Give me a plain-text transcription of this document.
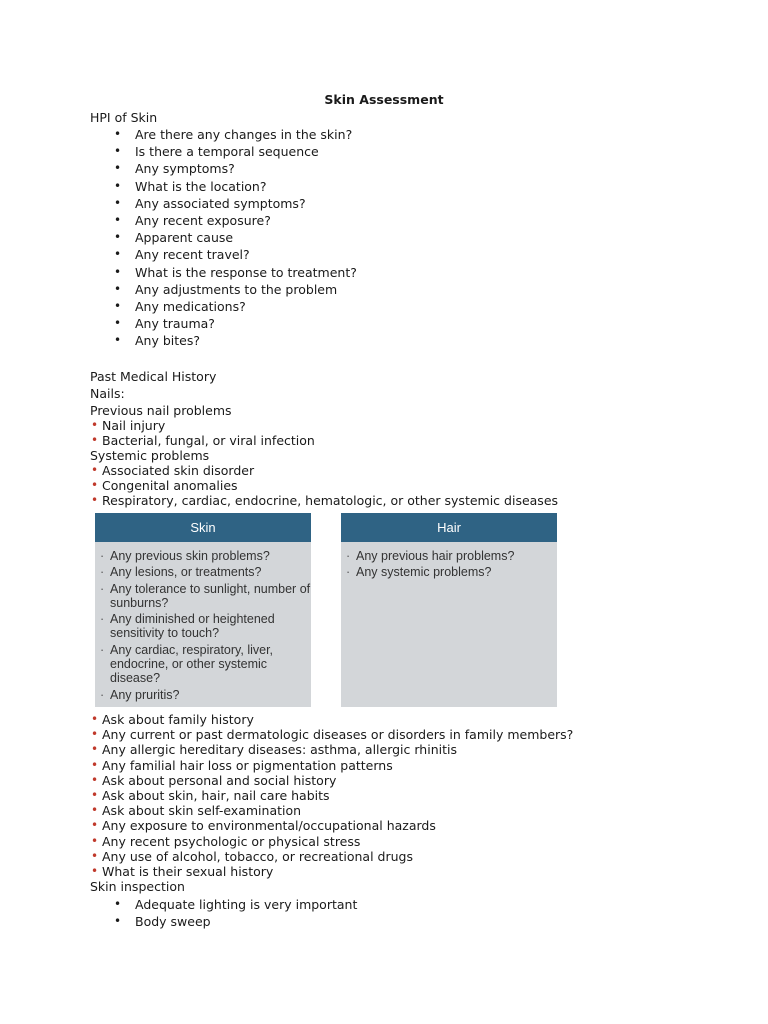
Skin Assessment
HPI of Skin
• Are there any changes in the skin?
• Is there a temporal sequence
• Any symptoms?
• What is the location?
• Any associated symptoms?
• Any recent exposure?
• Apparent cause
• Any recent travel?
• What is the response to treatment?
• Any adjustments to the problem
• Any medications?
• Any trauma?
• Any bites?
Past Medical History
Nails:
Previous nail problems
• Nail injury
• Bacterial, fungal, or viral infection
Systemic problems
• Associated skin disorder
• Congenital anomalies
• Respiratory, cardiac, endocrine, hematologic, or other systemic diseases
Skin
· Any previous skin problems?
· Any lesions, or treatments?
· Any tolerance to sunlight, number of sunburns?
· Any diminished or heightened sensitivity to touch?
· Any cardiac, respiratory, liver, endocrine, or other systemic disease?
· Any pruritis?
Hair
· Any previous hair problems?
· Any systemic problems?
• Ask about family history
• Any current or past dermatologic diseases or disorders in family members?
• Any allergic hereditary diseases: asthma, allergic rhinitis
• Any familial hair loss or pigmentation patterns
• Ask about personal and social history
• Ask about skin, hair, nail care habits
• Ask about skin self-examination
• Any exposure to environmental/occupational hazards
• Any recent psychologic or physical stress
• Any use of alcohol, tobacco, or recreational drugs
• What is their sexual history
Skin inspection
• Adequate lighting is very important
• Body sweep
